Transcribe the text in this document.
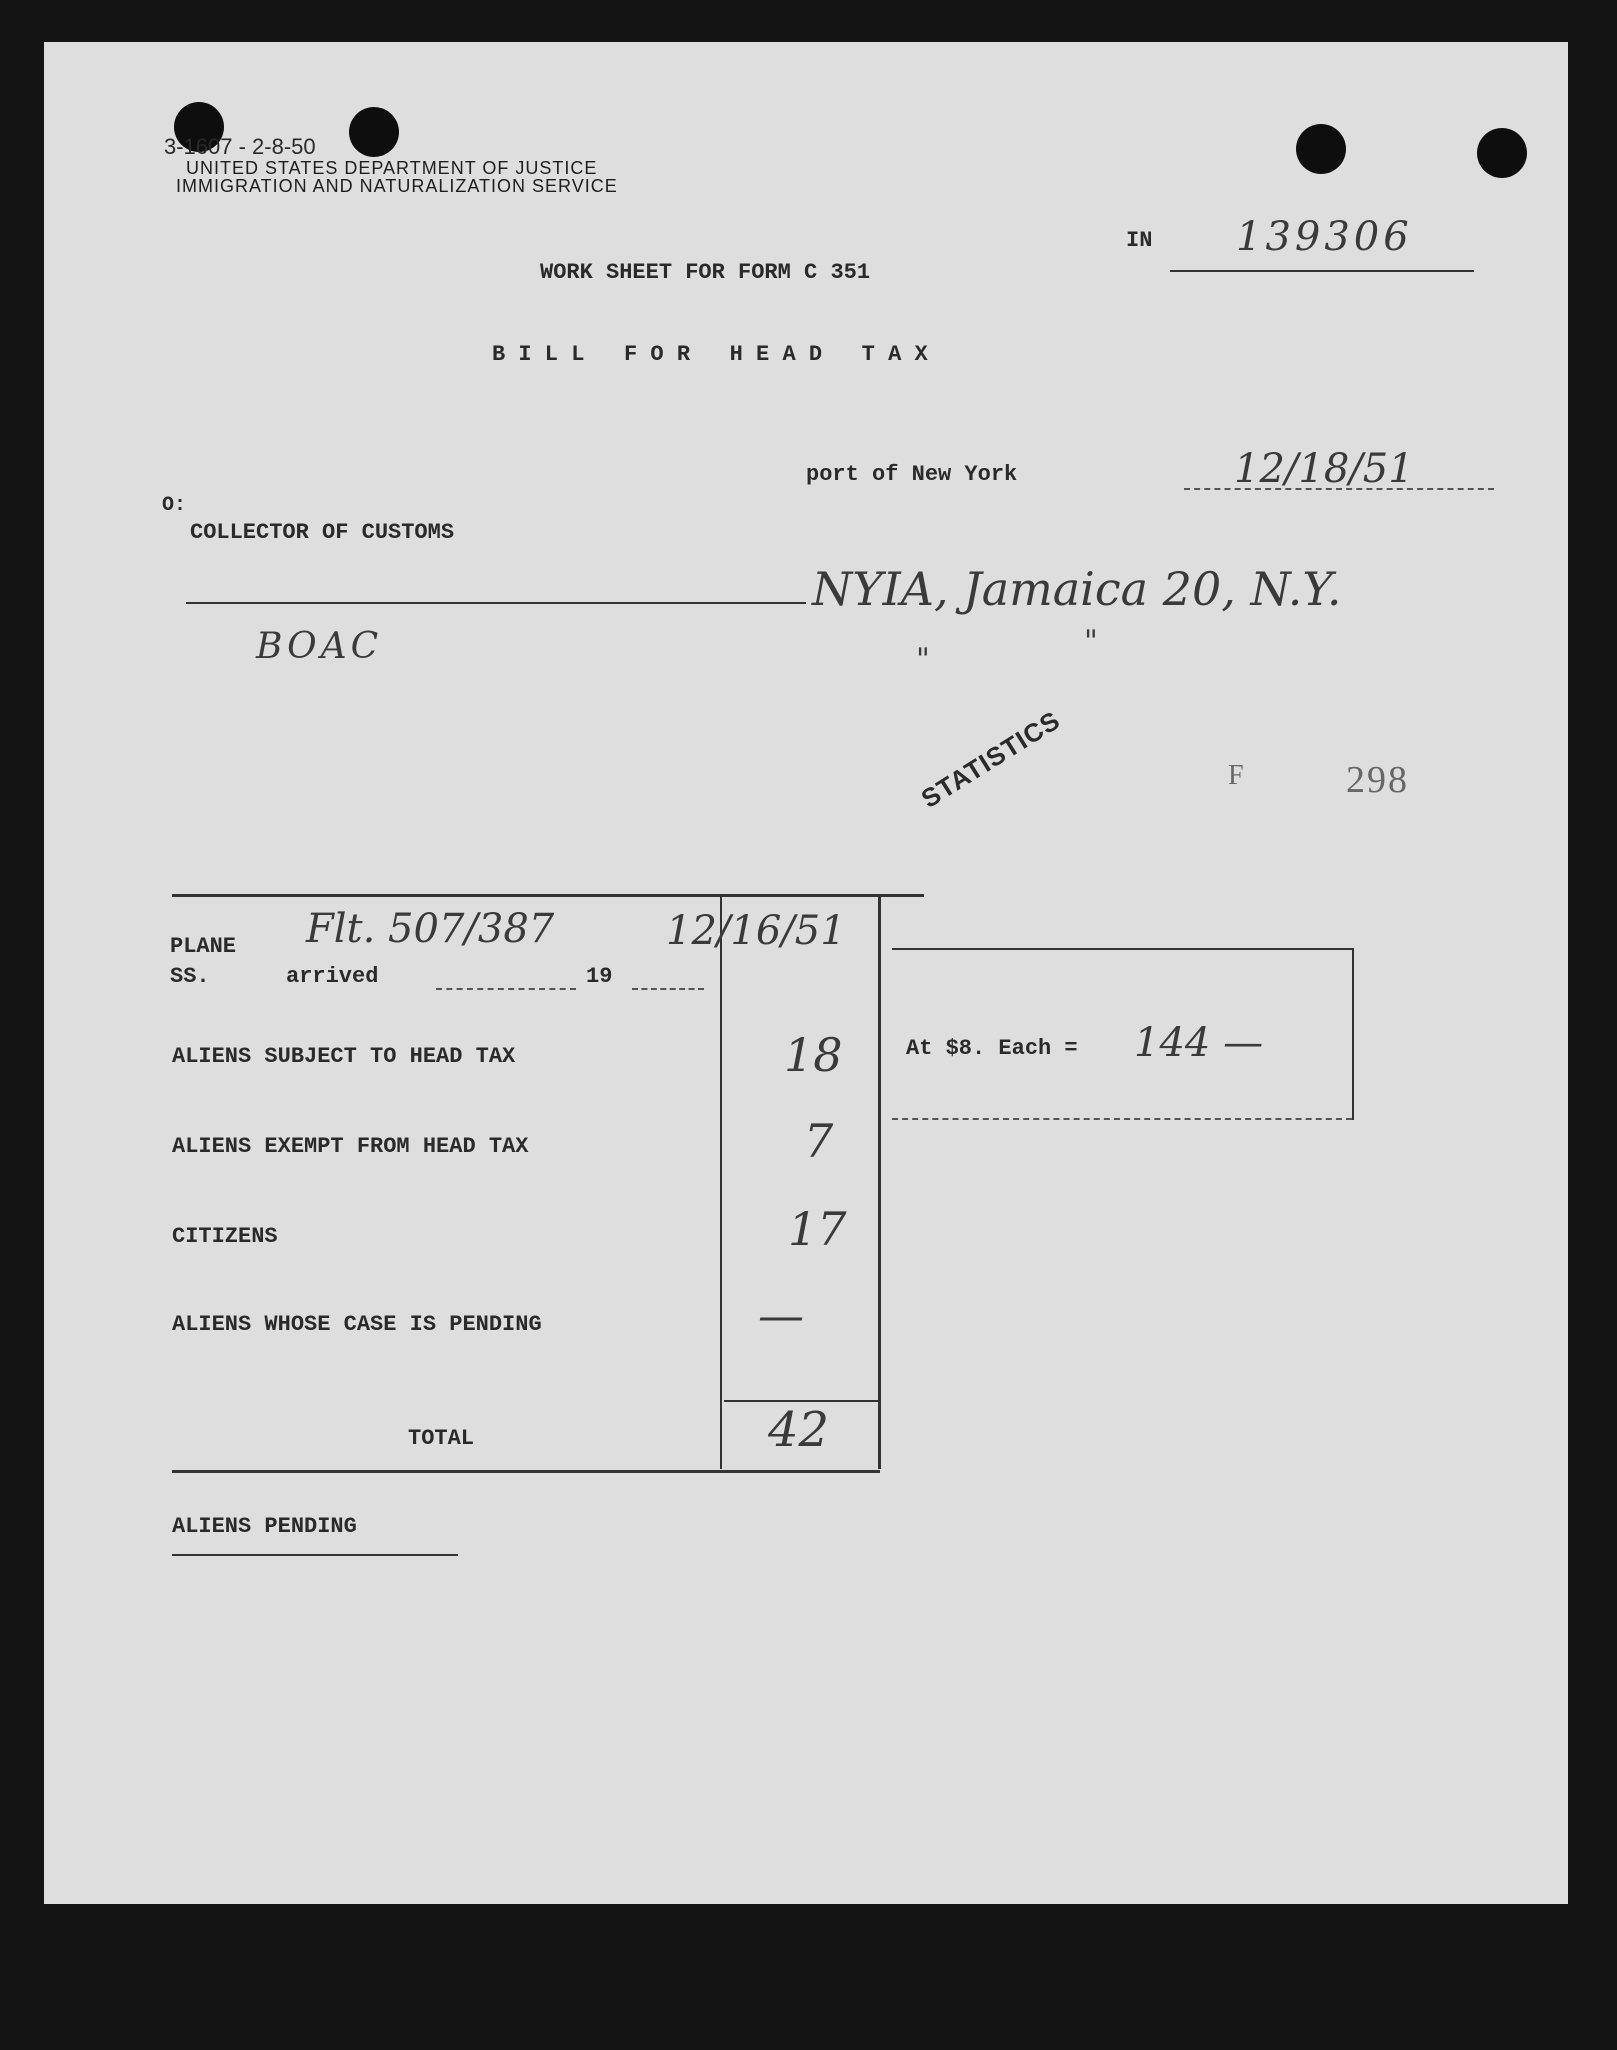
3-1607 - 2-8-50
UNITED STATES DEPARTMENT OF JUSTICE
IMMIGRATION AND NATURALIZATION SERVICE
IN 139306
WORK SHEET FOR FORM C 351
B I L L   F O R   H E A D   T A X
port of New York	12/18/51
O:
COLLECTOR OF CUSTOMS
NYIA, Jamaica 20, N.Y.
"
"
BOAC
STATISTICS	F	298
PLANE
SS.	arrived	19
Flt. 507/387	12/16/51
ALIENS SUBJECT TO HEAD TAX	18
ALIENS EXEMPT FROM HEAD TAX	7
CITIZENS	17
ALIENS WHOSE CASE IS PENDING	—
TOTAL	42
At $8. Each = 144 —
ALIENS PENDING
